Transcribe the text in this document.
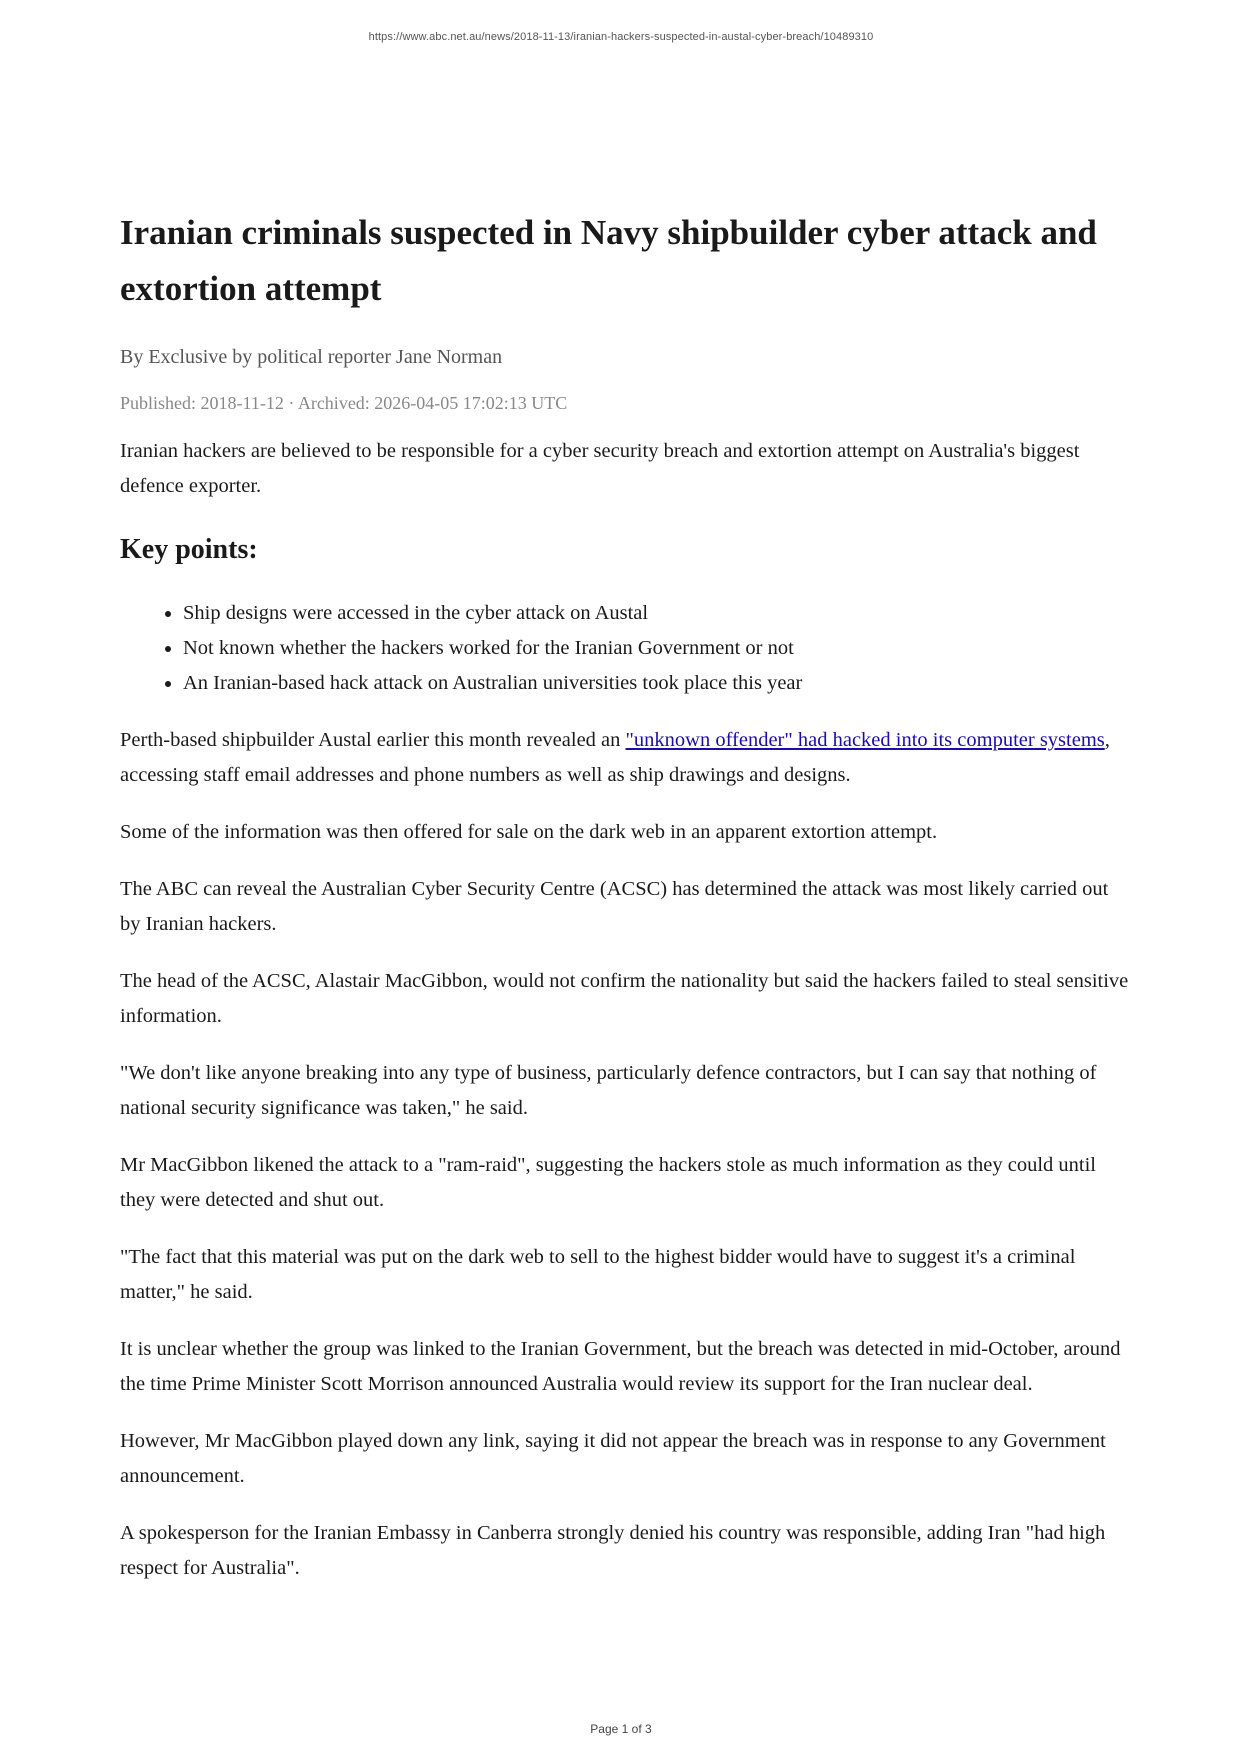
https://www.abc.net.au/news/2018-11-13/iranian-hackers-suspected-in-austal-cyber-breach/10489310
Iranian criminals suspected in Navy shipbuilder cyber attack and extortion attempt

By Exclusive by political reporter Jane Norman

Published: 2018-11-12 · Archived: 2026-04-05 17:02:13 UTC

Iranian hackers are believed to be responsible for a cyber security breach and extortion attempt on Australia's biggest defence exporter.

Key points:
• Ship designs were accessed in the cyber attack on Austal
• Not known whether the hackers worked for the Iranian Government or not
• An Iranian-based hack attack on Australian universities took place this year

Perth-based shipbuilder Austal earlier this month revealed an "unknown offender" had hacked into its computer systems, accessing staff email addresses and phone numbers as well as ship drawings and designs.

Some of the information was then offered for sale on the dark web in an apparent extortion attempt.

The ABC can reveal the Australian Cyber Security Centre (ACSC) has determined the attack was most likely carried out by Iranian hackers.

The head of the ACSC, Alastair MacGibbon, would not confirm the nationality but said the hackers failed to steal sensitive information.

"We don't like anyone breaking into any type of business, particularly defence contractors, but I can say that nothing of national security significance was taken," he said.

Mr MacGibbon likened the attack to a "ram-raid", suggesting the hackers stole as much information as they could until they were detected and shut out.

"The fact that this material was put on the dark web to sell to the highest bidder would have to suggest it's a criminal matter," he said.

It is unclear whether the group was linked to the Iranian Government, but the breach was detected in mid-October, around the time Prime Minister Scott Morrison announced Australia would review its support for the Iran nuclear deal.

However, Mr MacGibbon played down any link, saying it did not appear the breach was in response to any Government announcement.

A spokesperson for the Iranian Embassy in Canberra strongly denied his country was responsible, adding Iran "had high respect for Australia".

Page 1 of 3
